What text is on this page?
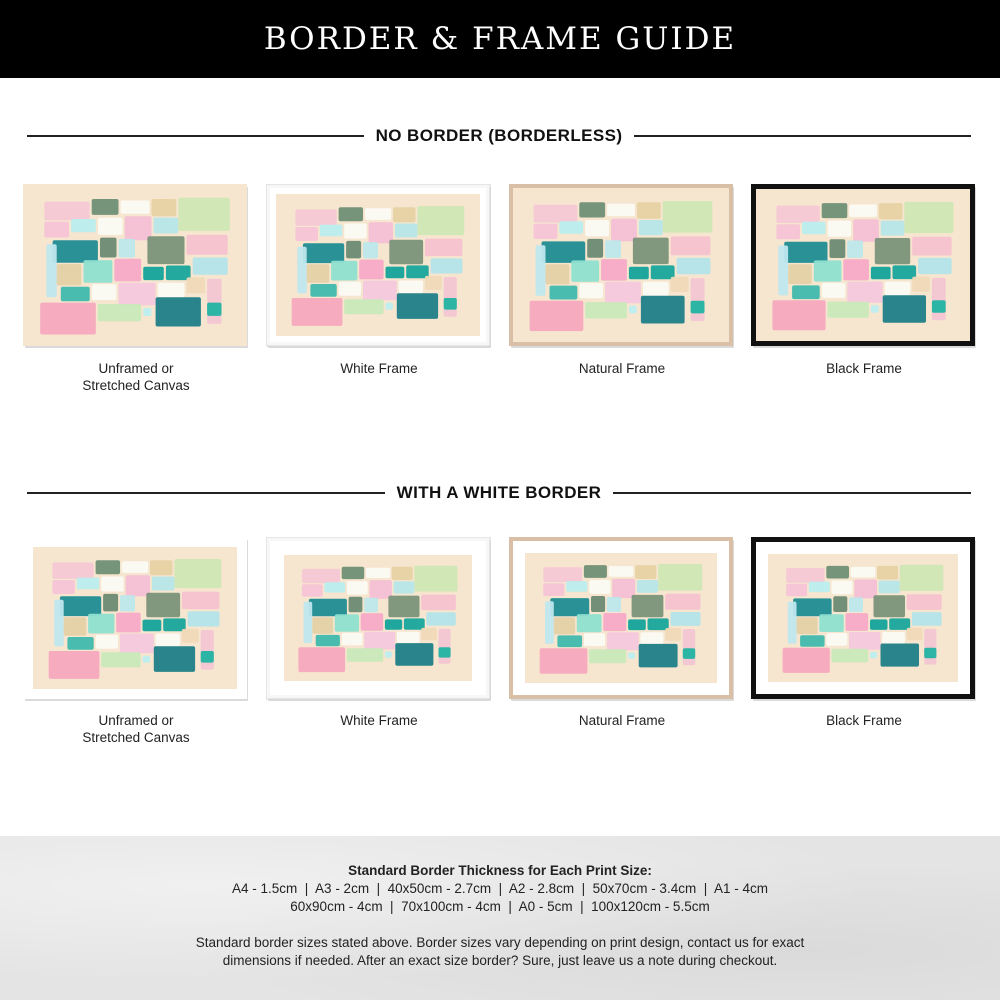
BORDER & FRAME GUIDE
NO BORDER (BORDERLESS)
Unframed or
Stretched Canvas
White Frame	Natural Frame	Black Frame
WITH A WHITE BORDER
Unframed or
Stretched Canvas
White Frame	Natural Frame	Black Frame
Standard Border Thickness for Each Print Size:
A4 - 1.5cm  |  A3 - 2cm  |  40x50cm - 2.7cm  |  A2 - 2.8cm  |  50x70cm - 3.4cm  |  A1 - 4cm
60x90cm - 4cm  |  70x100cm - 4cm  |  A0 - 5cm  |  100x120cm - 5.5cm
Standard border sizes stated above. Border sizes vary depending on print design, contact us for exact
dimensions if needed. After an exact size border? Sure, just leave us a note during checkout.
